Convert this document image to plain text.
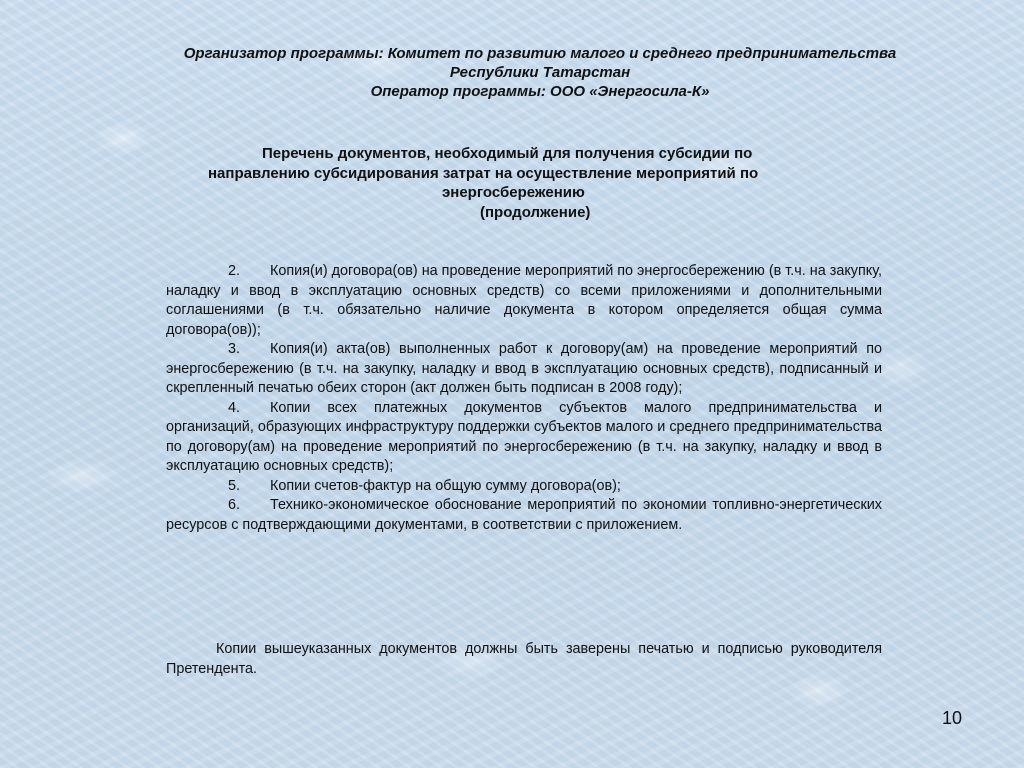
Организатор программы: Комитет по развитию малого и среднего предпринимательства
Республики Татарстан
Оператор программы: ООО «Энергосила-К»
Перечень документов, необходимый для получения субсидии по
направлению субсидирования затрат на осуществление мероприятий по
энергосбережению
(продолжение)

2. Копия(и) договора(ов) на проведение мероприятий по энергосбережению (в т.ч. на закупку, наладку и ввод в эксплуатацию основных средств) со всеми приложениями и дополнительными соглашениями (в т.ч. обязательно наличие документа в котором определяется общая сумма договора(ов));

3. Копия(и) акта(ов) выполненных работ к договору(ам) на проведение мероприятий по энергосбережению (в т.ч. на закупку, наладку и ввод в эксплуатацию основных средств), подписанный и скрепленный печатью обеих сторон (акт должен быть подписан в 2008 году);

4. Копии всех платежных документов субъектов малого предпринимательства и организаций, образующих инфраструктуру поддержки субъектов малого и среднего предпринимательства по договору(ам) на проведение мероприятий по энергосбережению (в т.ч. на закупку, наладку и ввод в эксплуатацию основных средств);

5. Копии счетов-фактур на общую сумму договора(ов);

6. Технико-экономическое обоснование мероприятий по экономии топливно-энергетических ресурсов с подтверждающими документами, в соответствии с приложением.

Копии вышеуказанных документов должны быть заверены печатью и подписью руководителя Претендента.

10
